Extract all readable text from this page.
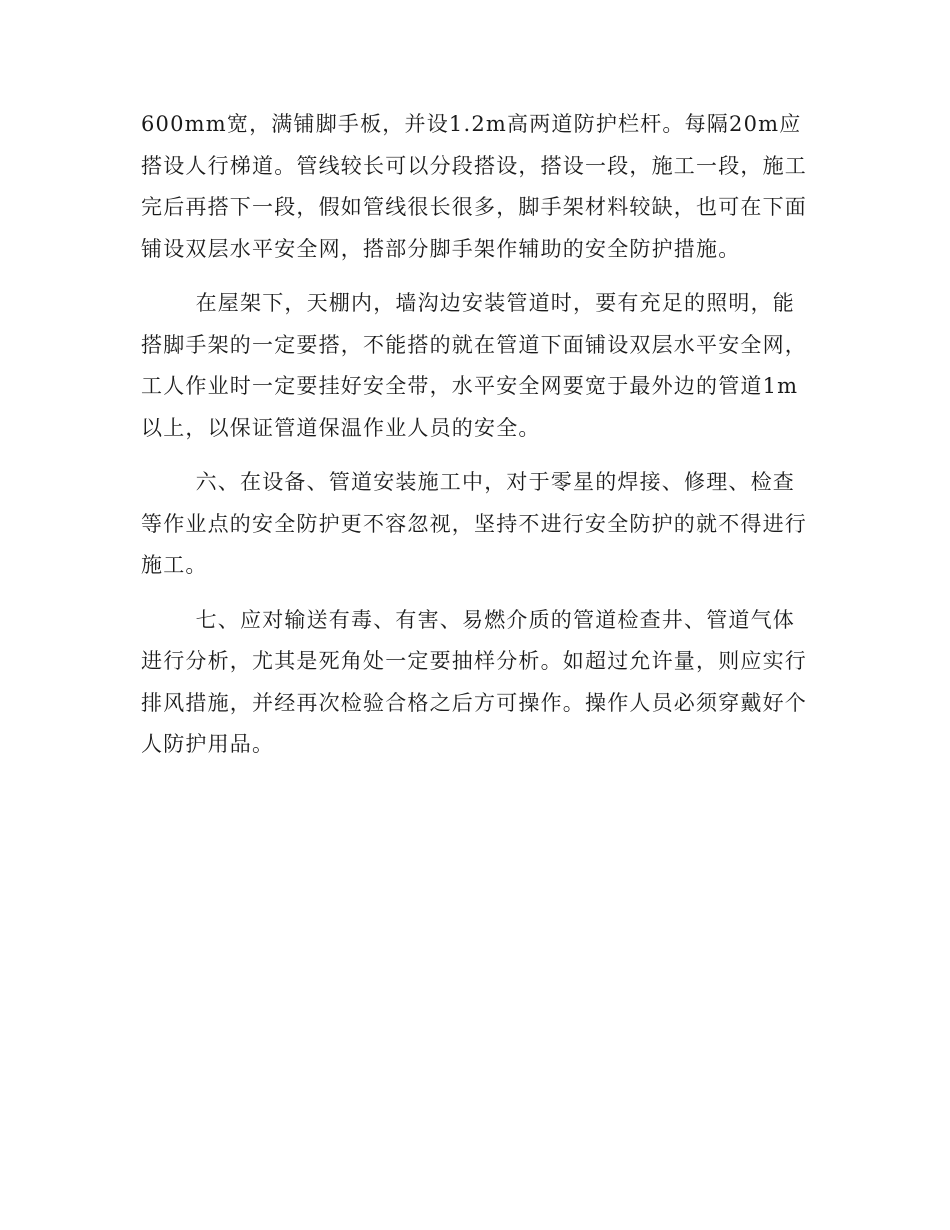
600mm宽，满铺脚手板，并设1.2m高两道防护栏杆。每隔20m应搭设人行梯道。管线较长可以分段搭设，搭设一段，施工一段，施工完后再搭下一段，假如管线很长很多，脚手架材料较缺，也可在下面铺设双层水平安全网，搭部分脚手架作辅助的安全防护措施。

在屋架下，天棚内，墙沟边安装管道时，要有充足的照明，能搭脚手架的一定要搭，不能搭的就在管道下面铺设双层水平安全网，工人作业时一定要挂好安全带，水平安全网要宽于最外边的管道1m以上，以保证管道保温作业人员的安全。

六、在设备、管道安装施工中，对于零星的焊接、修理、检查等作业点的安全防护更不容忽视，坚持不进行安全防护的就不得进行施工。

七、应对输送有毒、有害、易燃介质的管道检查井、管道气体进行分析，尤其是死角处一定要抽样分析。如超过允许量，则应实行排风措施，并经再次检验合格之后方可操作。操作人员必须穿戴好个人防护用品。
